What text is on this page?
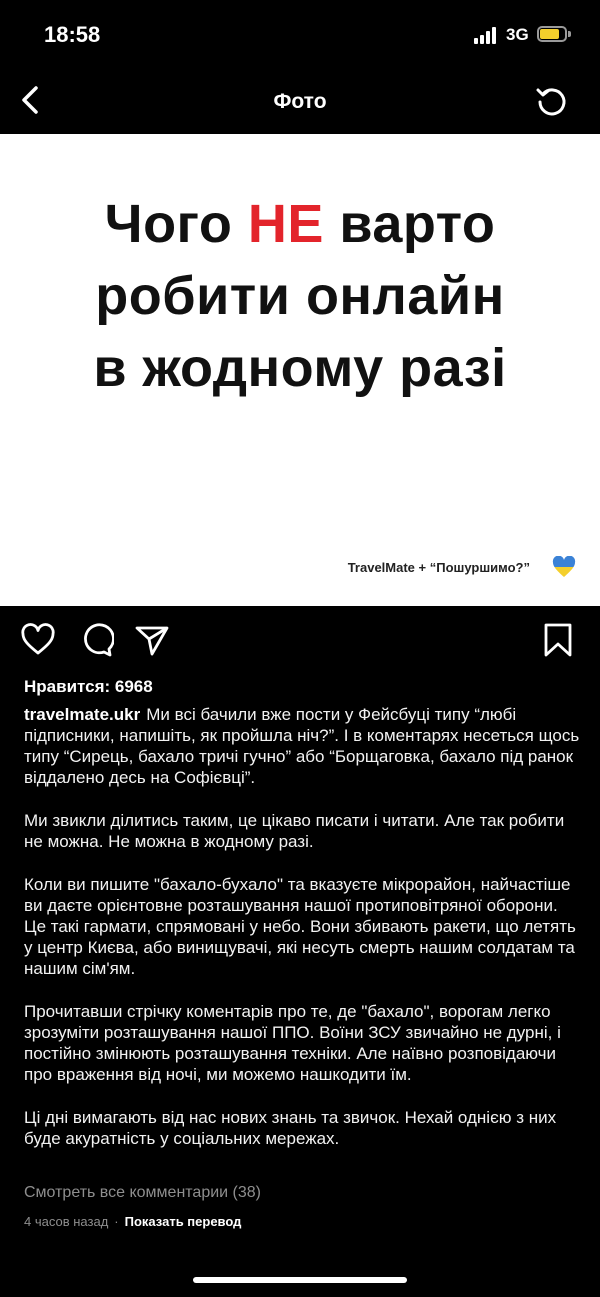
18:58	3G
Фото
Чого НЕ варто
робити онлайн
в жодному разі
TravelMate + “Пошуршимо?”
Нравится: 6968

travelmate.ukr Ми всі бачили вже пости у Фейсбуці типу “любі підписники, напишіть, як пройшла ніч?”. І в коментарях несеться щось типу “Сирець, бахало тричі гучно” або “Борщаговка, бахало під ранок віддалено десь на Софієвці”.

Ми звикли ділитись таким, це цікаво писати і читати. Але так робити не можна. Не можна в жодному разі.

Коли ви пишите "бахало-бухало" та вказуєте мікрорайон, найчастіше ви даєте орієнтовне розташування нашої протиповітряної оборони. Це такі гармати, спрямовані у небо. Вони збивають ракети, що летять у центр Києва, або винищувачі, які несуть смерть нашим солдатам та нашим сім'ям.

Прочитавши стрічку коментарів про те, де "бахало", ворогам легко зрозуміти розташування нашої ППО. Воїни ЗСУ звичайно не дурні, і постійно змінюють розташування техніки. Але наївно розповідаючи про враження від ночі, ми можемо нашкодити їм.

Ці дні вимагають від нас нових знань та звичок. Нехай однією з них буде акуратність у соціальних мережах.

Смотреть все комментарии (38)
4 часов назад · Показать перевод
